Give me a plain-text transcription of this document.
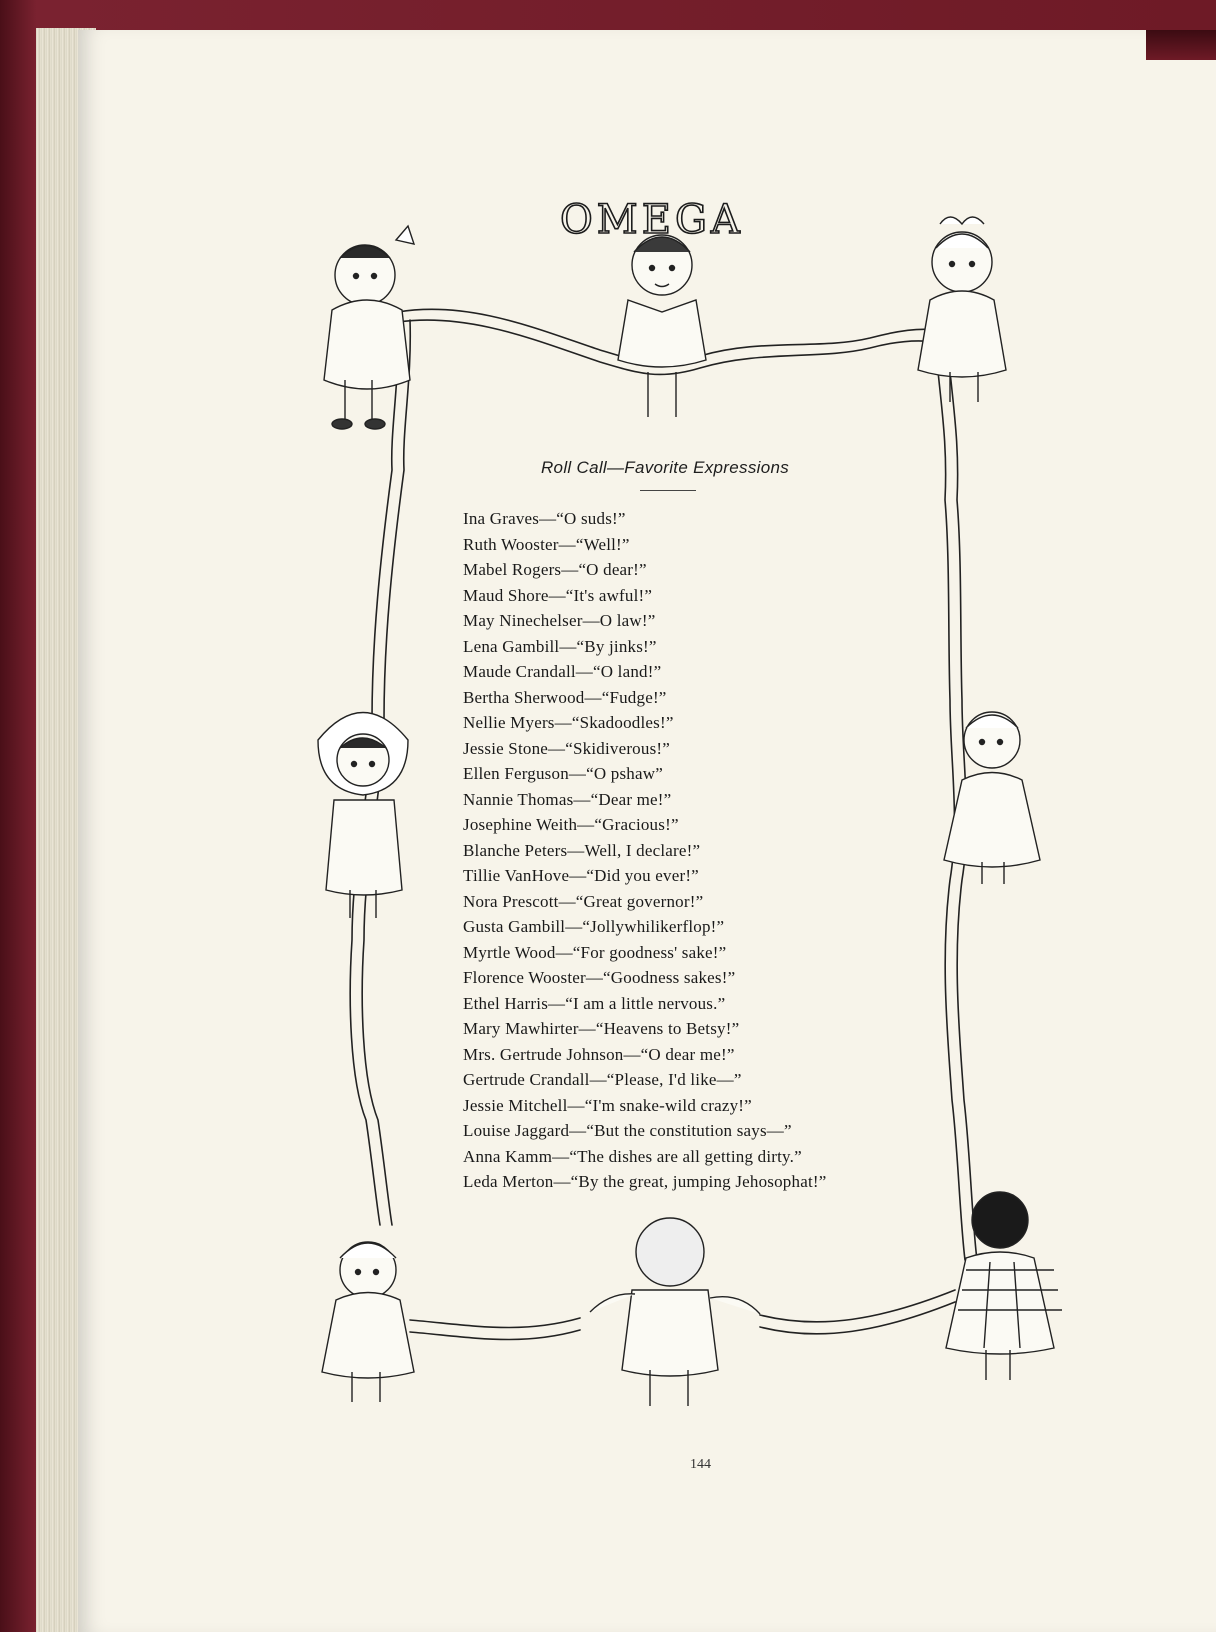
OMEGA
Roll Call—Favorite Expressions
Ina Graves—“O suds!”
Ruth Wooster—“Well!”
Mabel Rogers—“O dear!”
Maud Shore—“It's awful!”
May Ninechelser—O law!”
Lena Gambill—“By jinks!”
Maude Crandall—“O land!”
Bertha Sherwood—“Fudge!”
Nellie Myers—“Skadoodles!”
Jessie Stone—“Skidiverous!”
Ellen Ferguson—“O pshaw”
Nannie Thomas—“Dear me!”
Josephine Weith—“Gracious!”
Blanche Peters—Well, I declare!”
Tillie VanHove—“Did you ever!”
Nora Prescott—“Great governor!”
Gusta Gambill—“Jollywhilikerflop!”
Myrtle Wood—“For goodness' sake!”
Florence Wooster—“Goodness sakes!”
Ethel Harris—“I am a little nervous.”
Mary Mawhirter—“Heavens to Betsy!”
Mrs. Gertrude Johnson—“O dear me!”
Gertrude Crandall—“Please, I'd like—”
Jessie Mitchell—“I'm snake-wild crazy!”
Louise Jaggard—“But the constitution says—”
Anna Kamm—“The dishes are all getting dirty.”
Leda Merton—“By the great, jumping Jehosophat!”
144
